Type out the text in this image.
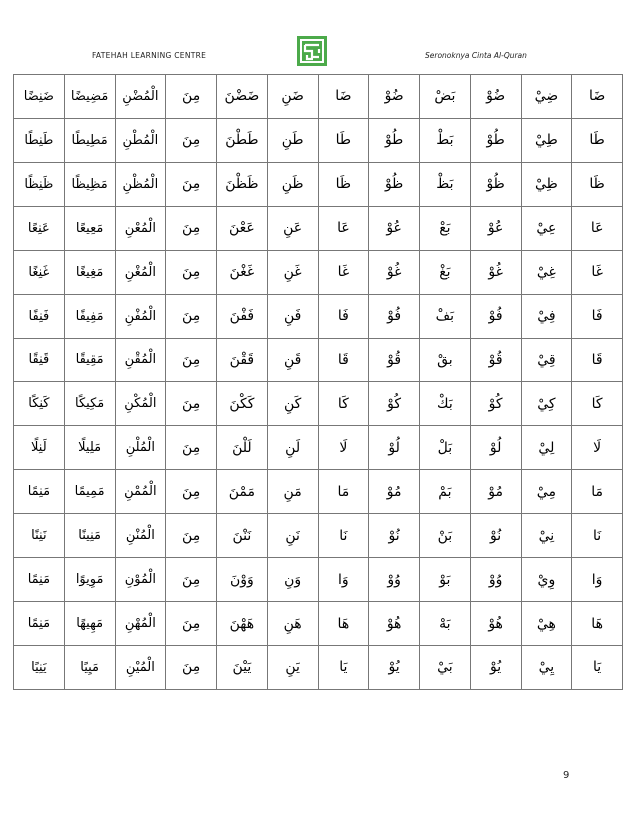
FATEHAH LEARNING CENTRE	Seronoknya Cinta Al-Quran
ضَنِضًا	مَضِيضًا	الْمُضْنِ	مِنَ	ضَضْنَ	ضَنِ	ضَا	ضُوْ	بَضْ	ضُوْ	ضِيْ	ضَا
طَنِطًا	مَطِيطًا	الْمُطْنِ	مِنَ	طَطْنَ	طَنِ	طَا	طُوْ	بَطْ	طُوْ	طِيْ	طَا
ظَنِظًا	مَظِيظًا	الْمُظْنِ	مِنَ	ظَظْنَ	ظَنِ	ظَا	ظُوْ	بَظْ	ظُوْ	ظِيْ	ظَا
عَنِعًا	مَعِيعًا	الْمُعْنِ	مِنَ	عَعْنَ	عَنِ	عَا	عُوْ	بَعْ	عُوْ	عِيْ	عَا
غَنِغًا	مَغِيغًا	الْمُغْنِ	مِنَ	غَغْنَ	غَنِ	غَا	غُوْ	بَغْ	غُوْ	غِيْ	غَا
فَنِفًا	مَفِيفًا	الْمُفْنِ	مِنَ	فَفْنَ	فَنِ	فَا	فُوْ	بَفْ	فُوْ	فِيْ	فَا
قَنِقًا	مَقِيقًا	الْمُقْنِ	مِنَ	قَقْنَ	قَنِ	قَا	قُوْ	بقْ	قُوْ	قِيْ	قَا
كَنِكًا	مَكِيكًا	الْمُكْنِ	مِنَ	كَكْنَ	كَنِ	كَا	كُوْ	بَكْ	كُوْ	كِيْ	كَا
لَنِلًا	مَلِيلًا	الْمُلْنِ	مِنَ	لَلْنَ	لَنِ	لَا	لُوْ	بَلْ	لُوْ	لِيْ	لَا
مَنِمًا	مَمِيمًا	الْمُمْنِ	مِنَ	مَمْنَ	مَنِ	مَا	مُوْ	بَمْ	مُوْ	مِيْ	مَا
نَنِنًا	مَنِينًا	الْمُنْنِ	مِنَ	نَنْنَ	نَنِ	نَا	نُوْ	بَنْ	نُوْ	نِيْ	نَا
مَنِمًا	مَوِيوًا	الْمُوْنِ	مِنَ	وَوْنَ	وَنِ	وَا	وُوْ	بَوْ	وُوْ	وِيْ	وَا
مَنِمًا	مَهِيهًا	الْمُهْنِ	مِنَ	هَهْنَ	هَنِ	هَا	هُوْ	بَهْ	هُوْ	هِيْ	هَا
يَنِيًا	مَيِيًا	الْمُيْنِ	مِنَ	يَيْنَ	يَنِ	يَا	يُوْ	بَيْ	يُوْ	يِيْ	يَا
9
